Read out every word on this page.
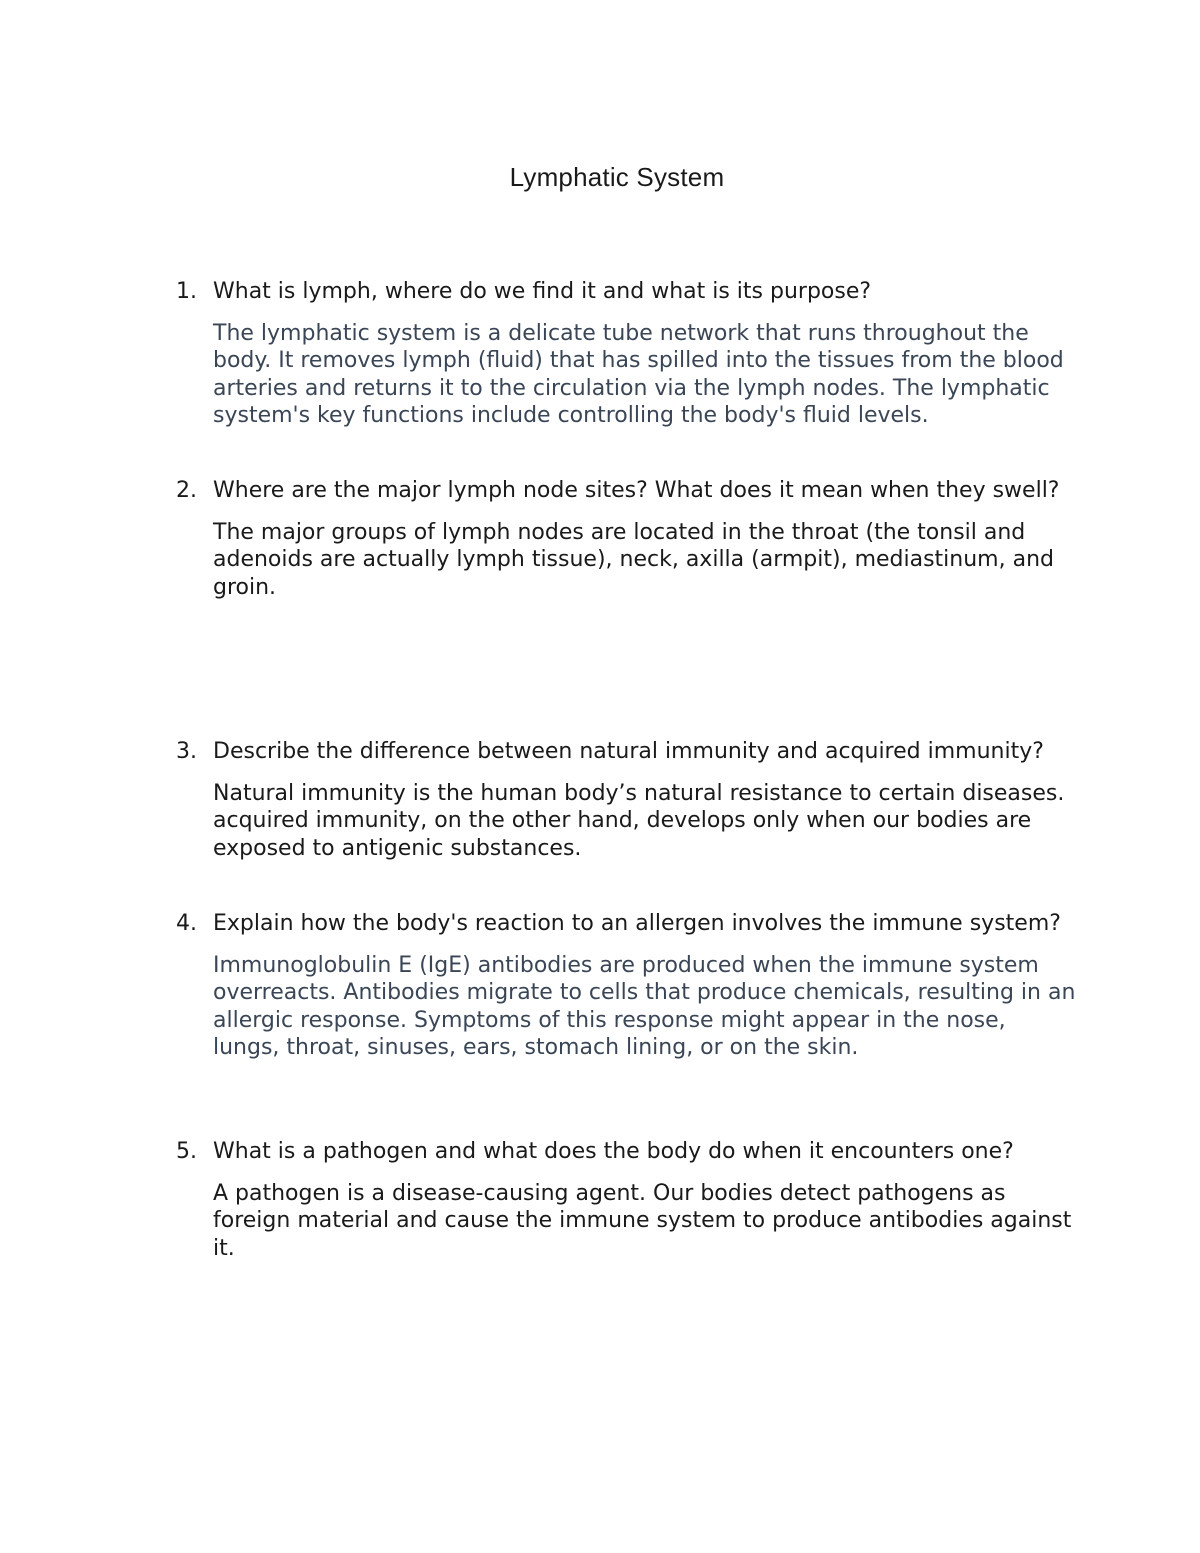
Lymphatic System

1. What is lymph, where do we find it and what is its purpose?

The lymphatic system is a delicate tube network that runs throughout the body. It removes lymph (fluid) that has spilled into the tissues from the blood arteries and returns it to the circulation via the lymph nodes. The lymphatic system's key functions include controlling the body's fluid levels.

2. Where are the major lymph node sites? What does it mean when they swell?

The major groups of lymph nodes are located in the throat (the tonsil and adenoids are actually lymph tissue), neck, axilla (armpit), mediastinum, and groin.

3. Describe the difference between natural immunity and acquired immunity?

Natural immunity is the human body’s natural resistance to certain diseases. acquired immunity, on the other hand, develops only when our bodies are exposed to antigenic substances.

4. Explain how the body's reaction to an allergen involves the immune system?

Immunoglobulin E (IgE) antibodies are produced when the immune system overreacts. Antibodies migrate to cells that produce chemicals, resulting in an allergic response. Symptoms of this response might appear in the nose, lungs, throat, sinuses, ears, stomach lining, or on the skin.

5. What is a pathogen and what does the body do when it encounters one?

A pathogen is a disease-causing agent. Our bodies detect pathogens as foreign material and cause the immune system to produce antibodies against it.
